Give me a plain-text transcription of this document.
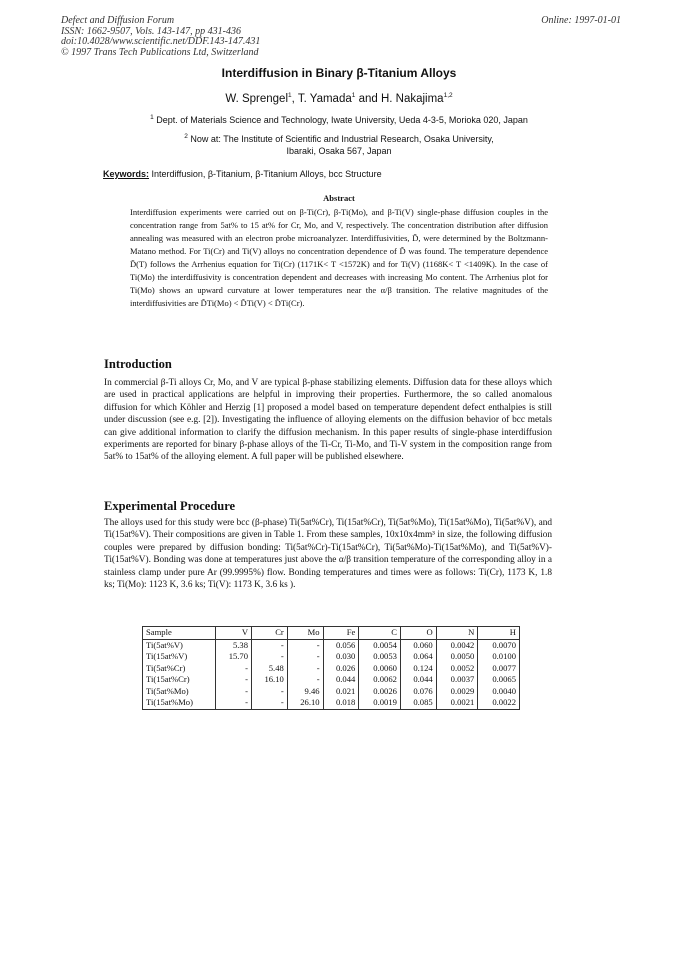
Defect and Diffusion Forum
ISSN: 1662-9507, Vols. 143-147, pp 431-436
doi:10.4028/www.scientific.net/DDF.143-147.431
© 1997 Trans Tech Publications Ltd, Switzerland
Online: 1997-01-01
Interdiffusion in Binary β-Titanium Alloys
W. Sprengel$^1$, T. Yamada$^1$ and H. Nakajima$^{1,2}$
$^1$ Dept. of Materials Science and Technology, Iwate University, Ueda 4-3-5, Morioka 020, Japan
$^2$ Now at: The Institute of Scientific and Industrial Research, Osaka University,
Ibaraki, Osaka 567, Japan
Keywords: Interdiffusion, β-Titanium, β-Titanium Alloys, bcc Structure
Abstract
Interdiffusion experiments were carried out on β-Ti(Cr), β-Ti(Mo), and β-Ti(V) single-phase diffusion couples in the concentration range from 5at% to 15 at% for Cr, Mo, and V, respectively. The concentration distribution after diffusion annealing was measured with an electron probe microanalyzer. Interdiffusivities, D̃, were determined by the Boltzmann-Matano method. For Ti(Cr) and Ti(V) alloys no concentration dependence of D̃ was found. The temperature dependence D̃(T) follows the Arrhenius equation for Ti(Cr) (1171K< T <1572K) and for Ti(V) (1168K< T <1409K). In the case of Ti(Mo) the interdiffusivity is concentration dependent and decreases with increasing Mo content. The Arrhenius plot for Ti(Mo) shows an upward curvature at lower temperatures near the α/β transition. The relative magnitudes of the interdiffusivities are D̃Ti(Mo) < D̃Ti(V) < D̃Ti(Cr).
Introduction
In commercial β-Ti alloys Cr, Mo, and V are typical β-phase stabilizing elements. Diffusion data for these alloys which are used in practical applications are helpful in improving their properties. Furthermore, the so called anomalous diffusion for which Köhler and Herzig [1] proposed a model based on temperature dependent defect enthalpies is still under discussion (see e.g. [2]). Investigating the influence of alloying elements on the diffusion behavior of bcc metals can give additional information to clarify the diffusion mechanism. In this paper results of single-phase interdiffusion experiments are reported for binary β-phase alloys of the Ti-Cr, Ti-Mo, and Ti-V system in the composition range from 5at% to 15at% of the alloying element. A full paper will be published elsewhere.
Experimental Procedure
The alloys used for this study were bcc (β-phase) Ti(5at%Cr), Ti(15at%Cr), Ti(5at%Mo), Ti(15at%Mo), Ti(5at%V), and Ti(15at%V). Their compositions are given in Table 1. From these samples, 10x10x4mm³ in size, the following diffusion couples were prepared by diffusion bonding: Ti(5at%Cr)-Ti(15at%Cr), Ti(5at%Mo)-Ti(15at%Mo), and Ti(5at%V)-Ti(15at%V). Bonding was done at temperatures just above the α/β transition temperature of the corresponding alloy in a stainless clamp under pure Ar (99.9995%) flow. Bonding temperatures and times were as follows: Ti(Cr), 1173 K, 1.8 ks; Ti(Mo): 1123 K, 3.6 ks; Ti(V): 1173 K, 3.6 ks ).
Sample	V	Cr	Mo	Fe	C	O	N	H
Ti(5at%V)	5.38	-	-	0.056	0.0054	0.060	0.0042	0.0070
Ti(15at%V)	15.70	-	-	0.030	0.0053	0.064	0.0050	0.0100
Ti(5at%Cr)	-	5.48	-	0.026	0.0060	0.124	0.0052	0.0077
Ti(15at%Cr)	-	16.10	-	0.044	0.0062	0.044	0.0037	0.0065
Ti(5at%Mo)	-	-	9.46	0.021	0.0026	0.076	0.0029	0.0040
Ti(15at%Mo)	-	-	26.10	0.018	0.0019	0.085	0.0021	0.0022
